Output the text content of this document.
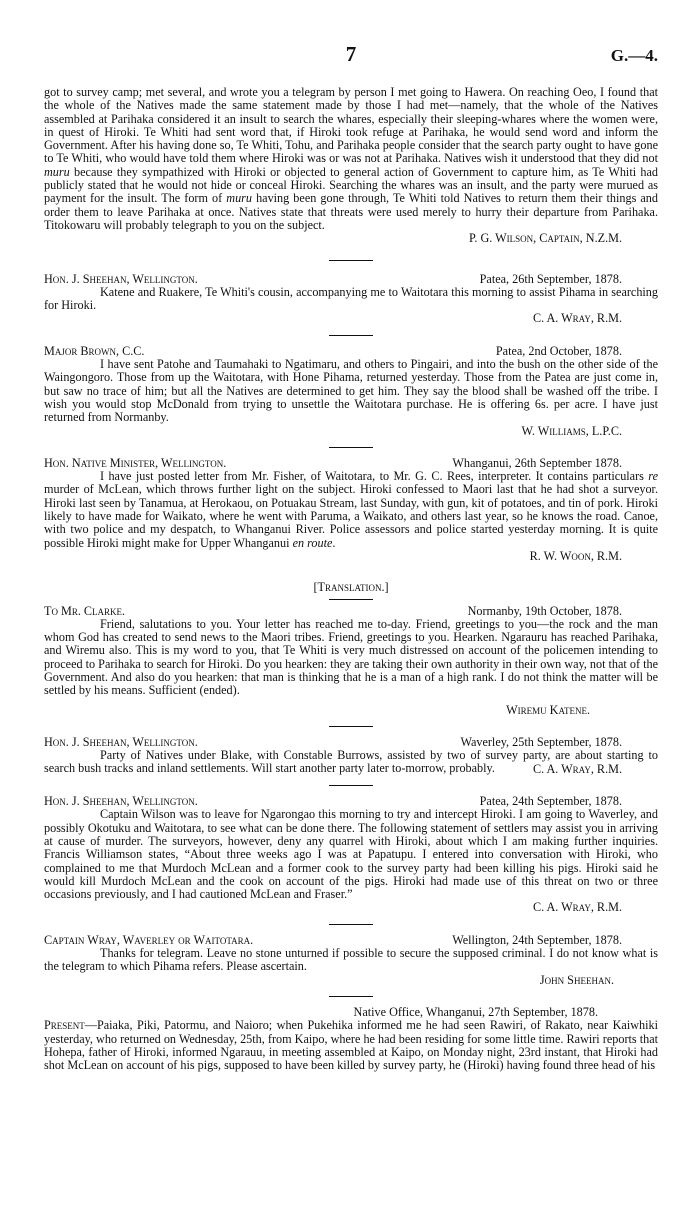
7	G.—4.

got to survey camp; met several, and wrote you a telegram by person I met going to Hawera. On reaching Oeo, I found that the whole of the Natives made the same statement made by those I had met—namely, that the whole of the Natives assembled at Parihaka considered it an insult to search the whares, especially their sleeping-whares where the women were, in quest of Hiroki. Te Whiti had sent word that, if Hiroki took refuge at Parihaka, he would send word and inform the Government. After his having done so, Te Whiti, Tohu, and Parihaka people consider that the search party ought to have gone to Te Whiti, who would have told them where Hiroki was or was not at Parihaka. Natives wish it understood that they did not muru because they sympathized with Hiroki or objected to general action of Government to capture him, as Te Whiti had publicly stated that he would not hide or conceal Hiroki. Searching the whares was an insult, and the party were murued as payment for the insult. The form of muru having been gone through, Te Whiti told Natives to return them their things and order them to leave Parihaka at once. Natives state that threats were used merely to hurry their departure from Parihaka. Titokowaru will probably telegraph to you on the subject.

P. G. Wilson, Captain, N.Z.M.

Hon. J. Sheehan, Wellington.	Patea, 26th September, 1878.

Katene and Ruakere, Te Whiti's cousin, accompanying me to Waitotara this morning to assist Pihama in searching for Hiroki.

C. A. Wray, R.M.

Major Brown, C.C.	Patea, 2nd October, 1878.

I have sent Patohe and Taumahaki to Ngatimaru, and others to Pingairi, and into the bush on the other side of the Waingongoro. Those from up the Waitotara, with Hone Pihama, returned yesterday. Those from the Patea are just come in, but saw no trace of him; but all the Natives are determined to get him. They say the blood shall be washed off the tribe. I wish you would stop McDonald from trying to unsettle the Waitotara purchase. He is offering 6s. per acre. I have just returned from Normanby.

W. Williams, L.P.C.

Hon. Native Minister, Wellington.	Whanganui, 26th September 1878.

I have just posted letter from Mr. Fisher, of Waitotara, to Mr. G. C. Rees, interpreter. It contains particulars re murder of McLean, which throws further light on the subject. Hiroki confessed to Maori last that he had shot a surveyor. Hiroki last seen by Tanamua, at Herokaou, on Potuakau Stream, last Sunday, with gun, kit of potatoes, and tin of pork. Hiroki likely to have made for Waikato, where he went with Paruma, a Waikato, and others last year, so he knows the road. Canoe, with two police and my despatch, to Whanganui River. Police assessors and police started yesterday morning. It is quite possible Hiroki might make for Upper Whanganui en route.

R. W. Woon, R.M.

[Translation.]

To Mr. Clarke.	Normanby, 19th October, 1878.

Friend, salutations to you. Your letter has reached me to-day. Friend, greetings to you—the rock and the man whom God has created to send news to the Maori tribes. Friend, greetings to you. Hearken. Ngarauru has reached Parihaka, and Wiremu also. This is my word to you, that Te Whiti is very much distressed on account of the policemen intending to proceed to Parihaka to search for Hiroki. Do you hearken: they are taking their own authority in their own way, not that of the Government. And also do you hearken: that man is thinking that he is a man of a high rank. I do not think the matter will be settled by his means. Sufficient (ended).

Wiremu Katene.

Hon. J. Sheehan, Wellington.	Waverley, 25th September, 1878.

Party of Natives under Blake, with Constable Burrows, assisted by two of survey party, are about starting to search bush tracks and inland settlements. Will start another party later to-morrow, probably.	C. A. Wray, R.M.

Hon. J. Sheehan, Wellington.	Patea, 24th September, 1878.

Captain Wilson was to leave for Ngarongao this morning to try and intercept Hiroki. I am going to Waverley, and possibly Okotuku and Waitotara, to see what can be done there. The following statement of settlers may assist you in arriving at cause of murder. The surveyors, however, deny any quarrel with Hiroki, about which I am making further inquiries. Francis Williamson states, “About three weeks ago I was at Papatupu. I entered into conversation with Hiroki, who complained to me that Murdoch McLean and a former cook to the survey party had been killing his pigs. Hiroki said he would kill Murdoch McLean and the cook on account of the pigs. Hiroki had made use of this threat on two or three occasions previously, and I had cautioned McLean and Fraser.”

C. A. Wray, R.M.

Captain Wray, Waverley or Waitotara.	Wellington, 24th September, 1878.

Thanks for telegram. Leave no stone unturned if possible to secure the supposed criminal. I do not know what is the telegram to which Pihama refers. Please ascertain.

John Sheehan.

Native Office, Whanganui, 27th September, 1878.

Present—Paiaka, Piki, Patormu, and Naioro; when Pukehika informed me he had seen Rawiri, of Rakato, near Kaiwhiki yesterday, who returned on Wednesday, 25th, from Kaipo, where he had been residing for some little time. Rawiri reports that Hohepa, father of Hiroki, informed Ngarauu, in meeting assembled at Kaipo, on Monday night, 23rd instant, that Hiroki had shot McLean on account of his pigs, supposed to have been killed by survey party, he (Hiroki) having found three head of his
